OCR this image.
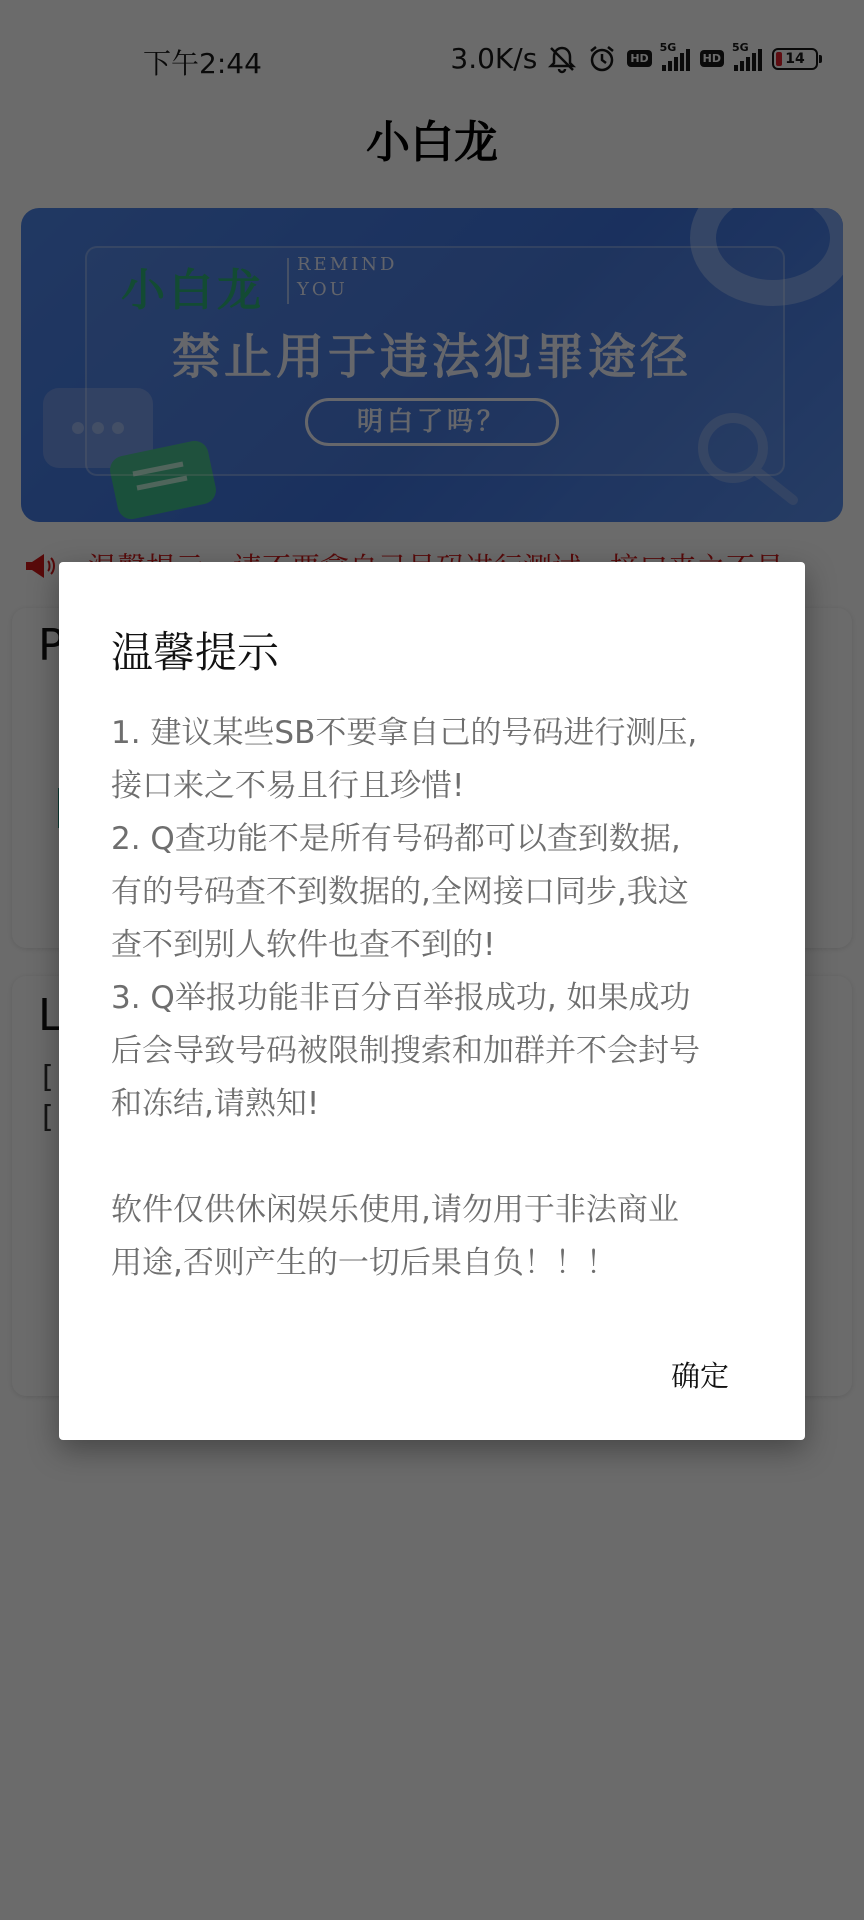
温馨提示
1. 建议某些SB不要拿自己的号码进行测压,
接口来之不易且行且珍惜!
2. Q查功能不是所有号码都可以查到数据,
有的号码查不到数据的,全网接口同步,我这
查不到别人软件也查不到的!
3. Q举报功能非百分百举报成功, 如果成功
后会导致号码被限制搜索和加群并不会封号
和冻结,请熟知!

软件仅供休闲娱乐使用,请勿用于非法商业
用途,否则产生的一切后果自负！！！
确定
